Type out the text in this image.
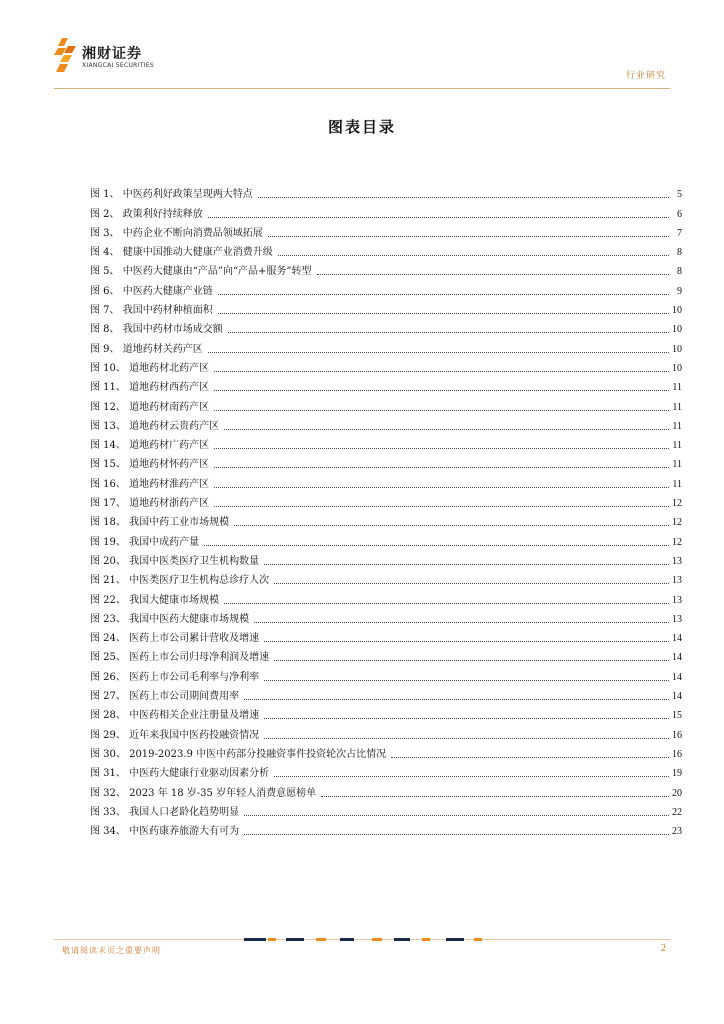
湘财证券
XIANGCAI SECURITIES
行业研究
图表目录
图 1、 中医药利好政策呈现两大特点	5
图 2、 政策利好持续释放	6
图 3、 中药企业不断向消费品领域拓展	7
图 4、 健康中国推动大健康产业消费升级	8
图 5、 中医药大健康由“产品”向“产品+服务”转型	8
图 6、 中医药大健康产业链	9
图 7、 我国中药材种植面积	10
图 8、 我国中药材市场成交额	10
图 9、 道地药材关药产区	10
图 10、 道地药材北药产区	10
图 11、 道地药材西药产区	11
图 12、 道地药材南药产区	11
图 13、 道地药材云贵药产区	11
图 14、 道地药材广药产区	11
图 15、 道地药材怀药产区	11
图 16、 道地药材淮药产区	11
图 17、 道地药材浙药产区	12
图 18、 我国中药工业市场规模	12
图 19、 我国中成药产量	12
图 20、 我国中医类医疗卫生机构数量	13
图 21、 中医类医疗卫生机构总诊疗人次	13
图 22、 我国大健康市场规模	13
图 23、 我国中医药大健康市场规模	13
图 24、 医药上市公司累计营收及增速	14
图 25、 医药上市公司归母净利润及增速	14
图 26、 医药上市公司毛利率与净利率	14
图 27、 医药上市公司期间费用率	14
图 28、 中医药相关企业注册量及增速	15
图 29、 近年来我国中医药投融资情况	16
图 30、 2019-2023.9 中医中药部分投融资事件投资轮次占比情况	16
图 31、 中医药大健康行业驱动因素分析	19
图 32、 2023 年 18 岁-35 岁年轻人消费意愿榜单	20
图 33、 我国人口老龄化趋势明显	22
图 34、 中医药康养旅游大有可为	23
敬请阅读末页之重要声明	2
